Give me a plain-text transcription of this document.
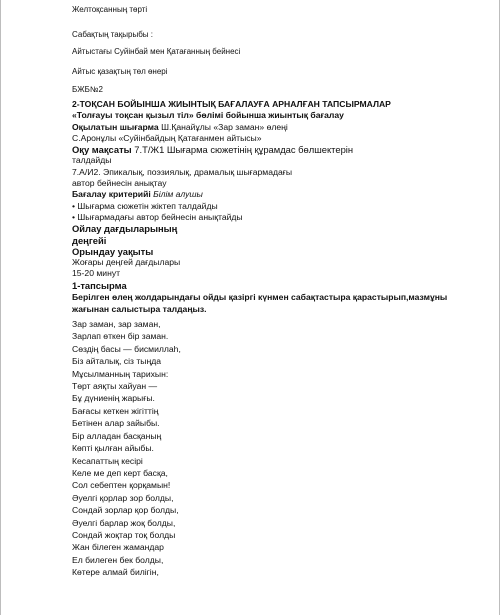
Желтоқсанның төрті
Сабақтың тақырыбы :
Айтыстағы Суйінбай мен Қатағанның бейнесі
Айтыс қазақтың төл өнері
БЖБ№2
2-ТОҚСАН БОЙЫНША ЖИЫНТЫҚ БАҒАЛАУҒА АРНАЛҒАН ТАПСЫРМАЛАР
«Толғауы тоқсан қызыл тіл» бөлімі бойынша жиынтық бағалау
Оқылатын шығарма Ш.Қанайұлы «Зар заман» өлеңі
С.Аронұлы «Суйінбайдың Қатағанмен айтысы»
Оқу мақсаты 7.Т/Ж1 Шығарма сюжетінің құрамдас бөлшектерін
талдайды
7.А/И2. Эпикалық, поэзиялық, драмалық шығармадағы
автор бейнесін анықтау
Бағалау критерийі Білім алушы
• Шығарма сюжетін жіктеп талдайды
• Шығармадағы автор бейнесін анықтайды
Ойлау дағдыларының
деңгейі
Орындау уақыты
Жоғары деңгей дағдылары
15-20 минут
1-тапсырма
Берілген өлең жолдарындағы ойды қазіргі күнмен сабақтастыра қарастырып,мазмұны жағынан салыстыра талдаңыз.
Зар заман, зар заман,
Зарлап өткен бір заман.
Сөздің басы — бисмиллаһ,
Біз айталық, сіз тыңда
Мұсылманның тарихын:
Төрт аяқты хайуан —
Бұ дүниенің жарығы.
Бағасы кеткен жігіттің
Бетінен алар зайыбы.
Бір алладан басқаның
Көпті қылған айыбы.
Кесапаттың кесірі
Келе ме деп керт басқа,
Сол себептен қорқамын!
Әуелгі қорлар зор болды,
Сондай зорлар қор болды,
Әуелгі барлар жоқ болды,
Сондай жоқтар тоқ болды
Жан білеген жамандар
Ел билеген бек болды,
Көтере алмай билігін,
